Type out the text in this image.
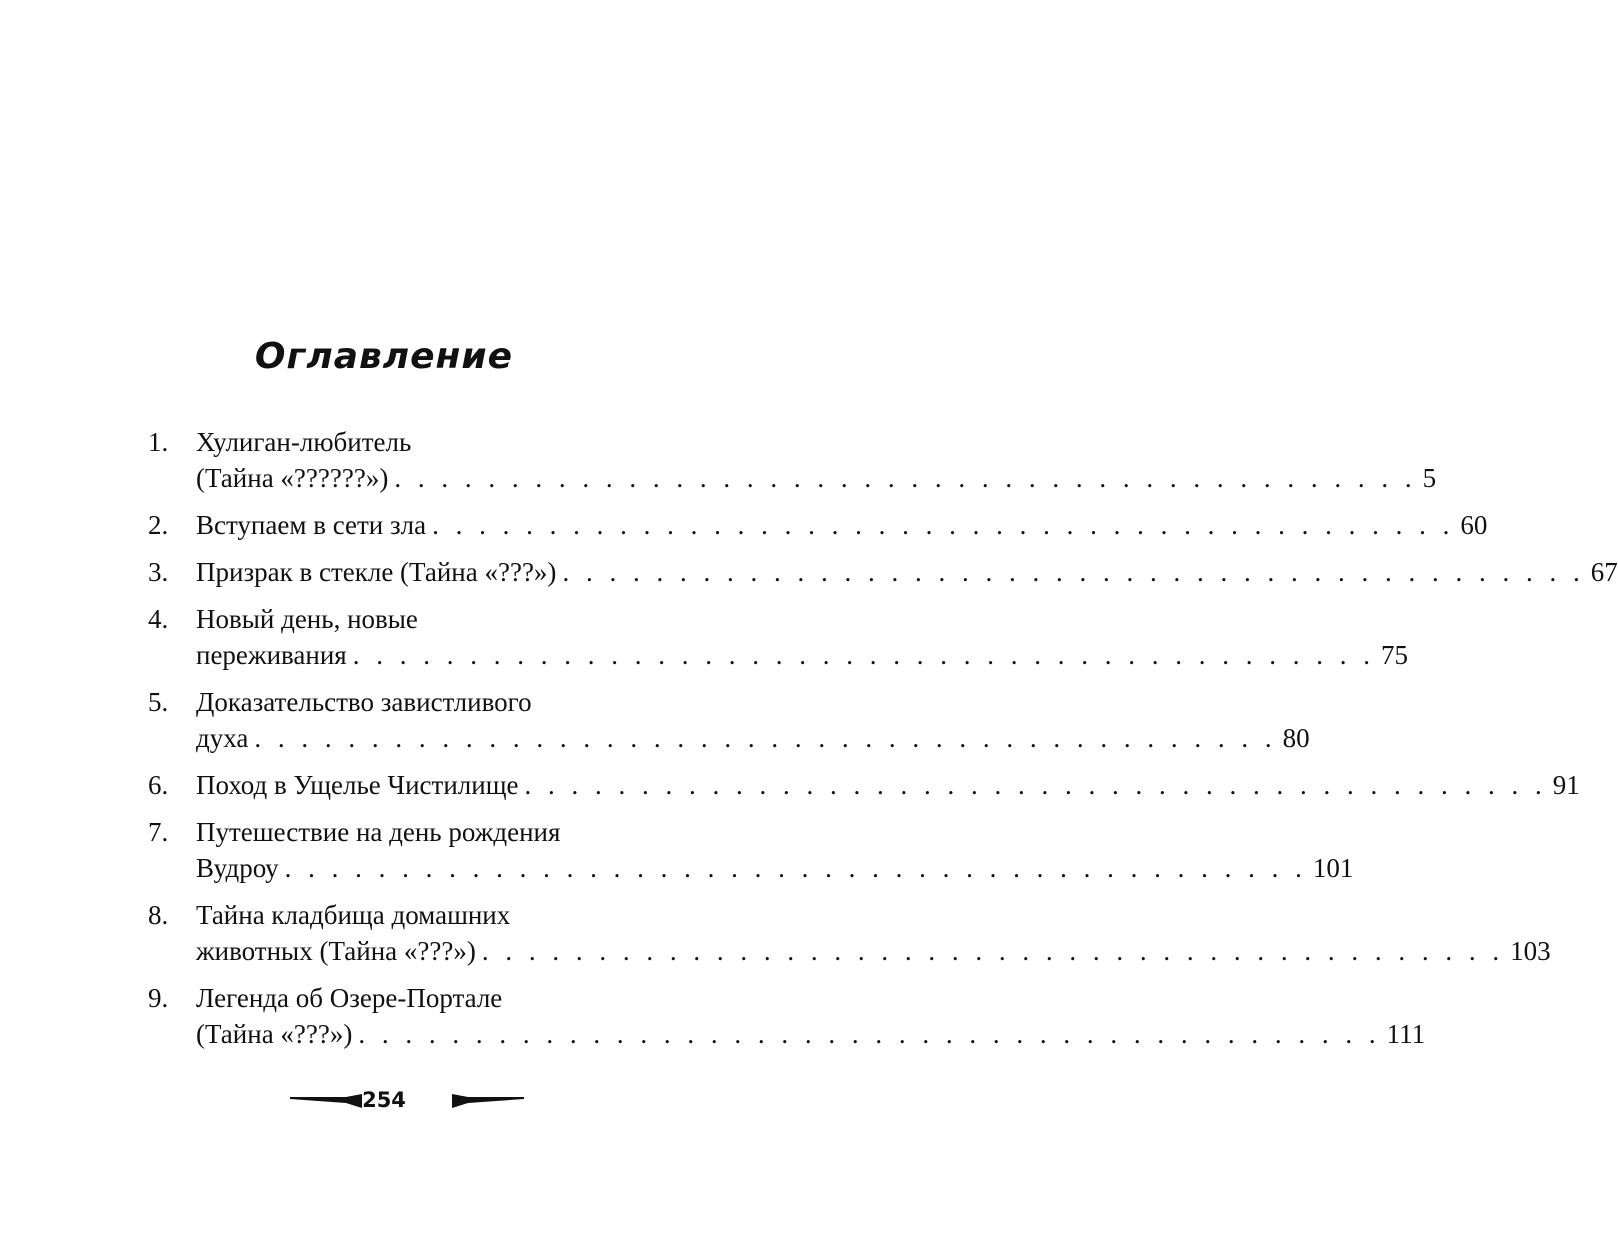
Оглавление
1. Хулиган-любитель
(Тайна «??????») . . . . . . . . . . . . . . . . . . . . . . . . . . . . . . . . . . . . . . . . . . . . 5
2. Вступаем в сети зла . . . . . . . . . . . . . . . . . . . . . . . . . . . . . . . . . . . . . . . . . . . . 60
3. Призрак в стекле (Тайна «???») . . . . . . . . . . . . . . . . . . . . . . . . . . . . . . . . . . . . . . . . . . . . 67
4. Новый день, новые
переживания . . . . . . . . . . . . . . . . . . . . . . . . . . . . . . . . . . . . . . . . . . . . 75
5. Доказательство завистливого
духа . . . . . . . . . . . . . . . . . . . . . . . . . . . . . . . . . . . . . . . . . . . . 80
6. Поход в Ущелье Чистилище . . . . . . . . . . . . . . . . . . . . . . . . . . . . . . . . . . . . . . . . . . . . 91
7. Путешествие на день рождения
Вудроу . . . . . . . . . . . . . . . . . . . . . . . . . . . . . . . . . . . . . . . . . . . . 101
8. Тайна кладбища домашних
животных (Тайна «???») . . . . . . . . . . . . . . . . . . . . . . . . . . . . . . . . . . . . . . . . . . . . 103
9. Легенда об Озере-Портале
(Тайна «???») . . . . . . . . . . . . . . . . . . . . . . . . . . . . . . . . . . . . . . . . . . . . 111
254
